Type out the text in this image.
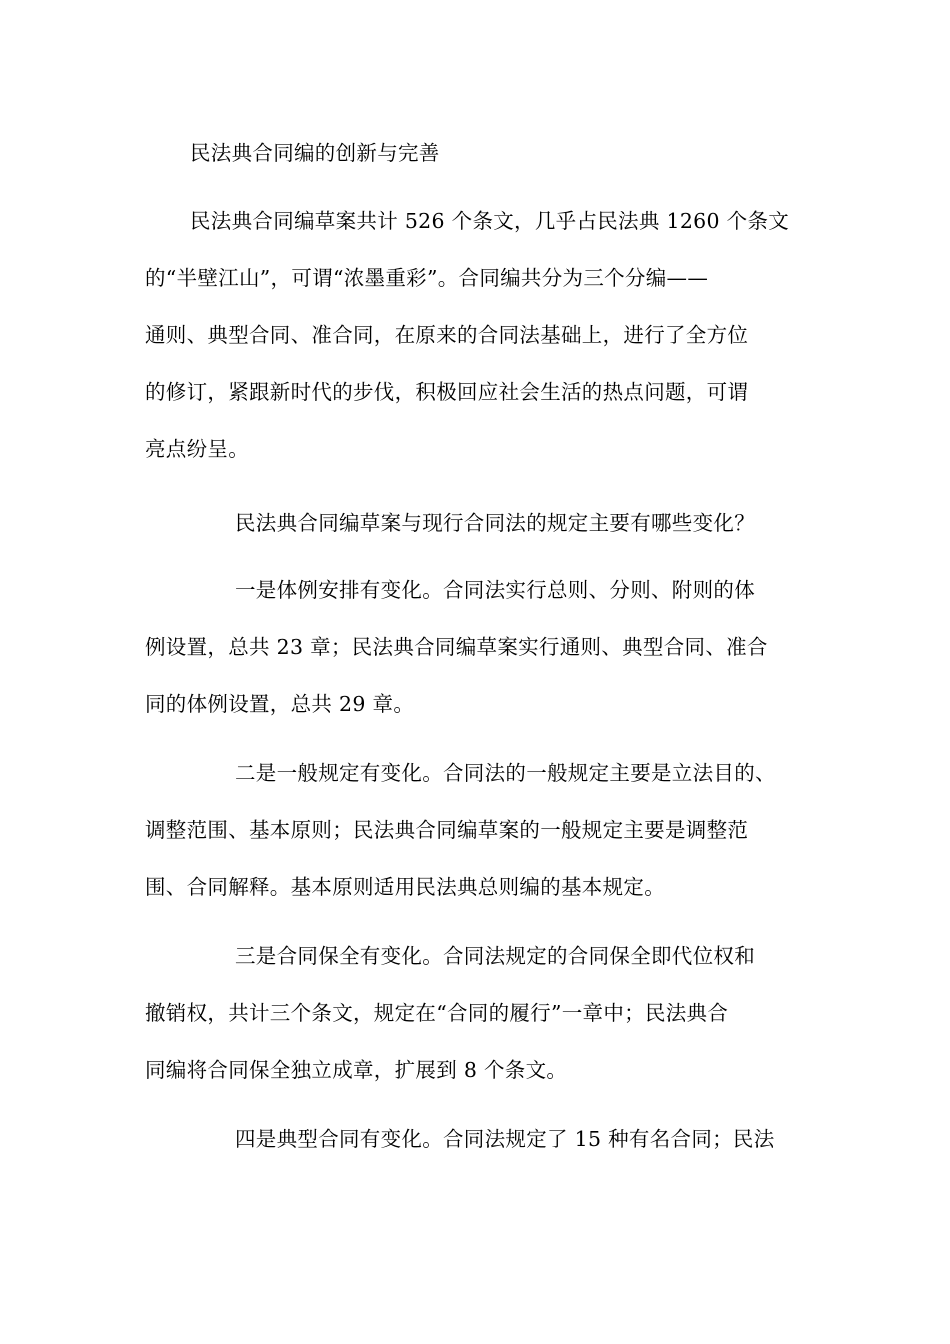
民法典合同编的创新与完善

民法典合同编草案共计 526 个条文，几乎占民法典 1260 个条文

的“半壁江山”，可谓“浓墨重彩”。合同编共分为三个分编——

通则、典型合同、准合同，在原来的合同法基础上，进行了全方位

的修订，紧跟新时代的步伐，积极回应社会生活的热点问题，可谓

亮点纷呈。

民法典合同编草案与现行合同法的规定主要有哪些变化？

一是体例安排有变化。合同法实行总则、分则、附则的体

例设置，总共 23 章；民法典合同编草案实行通则、典型合同、准合

同的体例设置，总共 29 章。

二是一般规定有变化。合同法的一般规定主要是立法目的、

调整范围、基本原则；民法典合同编草案的一般规定主要是调整范

围、合同解释。基本原则适用民法典总则编的基本规定。

三是合同保全有变化。合同法规定的合同保全即代位权和

撤销权，共计三个条文，规定在“合同的履行”一章中；民法典合

同编将合同保全独立成章，扩展到 8 个条文。

四是典型合同有变化。合同法规定了 15 种有名合同；民法
